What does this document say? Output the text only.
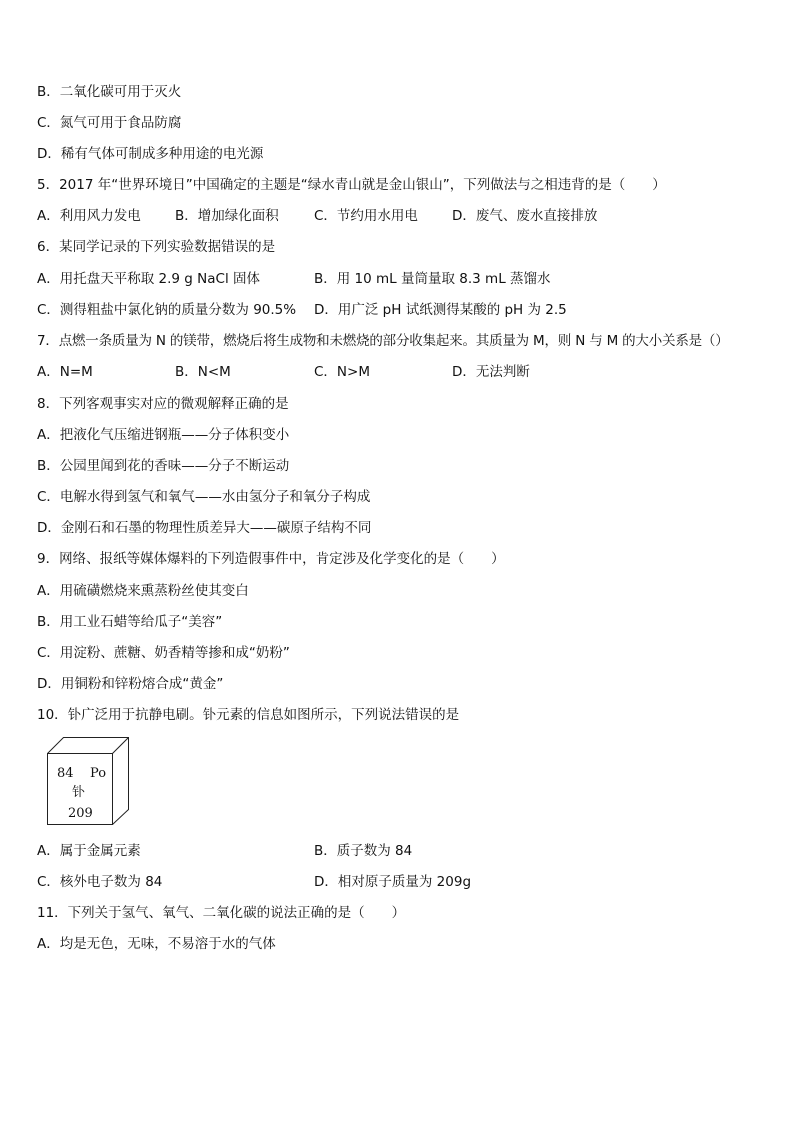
B．二氧化碳可用于灭火
C．氮气可用于食品防腐
D．稀有气体可制成多种用途的电光源
5．2017 年“世界环境日”中国确定的主题是“绿水青山就是金山银山”，下列做法与之相违背的是（　　）
A．利用风力发电	B．增加绿化面积	C．节约用水用电	D．废气、废水直接排放
6．某同学记录的下列实验数据错误的是
A．用托盘天平称取 2.9 g NaCl 固体	B．用 10 mL 量筒量取 8.3 mL 蒸馏水
C．测得粗盐中氯化钠的质量分数为 90.5% D．用广泛 pH 试纸测得某酸的 pH 为 2.5
7．点燃一条质量为 N 的镁带，燃烧后将生成物和未燃烧的部分收集起来。其质量为 M，则 N 与 M 的大小关系是（）
A．N=M	B．N<M	C．N>M	D．无法判断
8．下列客观事实对应的微观解释正确的是
A．把液化气压缩进钢瓶——分子体积变小
B．公园里闻到花的香味——分子不断运动
C．电解水得到氢气和氧气——水由氢分子和氧分子构成
D．金刚石和石墨的物理性质差异大——碳原子结构不同
9．网络、报纸等媒体爆料的下列造假事件中，肯定涉及化学变化的是（　　）
A．用硫磺燃烧来熏蒸粉丝使其变白
B．用工业石蜡等给瓜子“美容”
C．用淀粉、蔗糖、奶香精等掺和成“奶粉”
D．用铜粉和锌粉熔合成“黄金”
10．钋广泛用于抗静电刷。钋元素的信息如图所示，下列说法错误的是
84 Po
钋
209
A．属于金属元素	B．质子数为 84
C．核外电子数为 84	D．相对原子质量为 209g
11．下列关于氢气、氧气、二氧化碳的说法正确的是（　　）
A．均是无色，无味，不易溶于水的气体
